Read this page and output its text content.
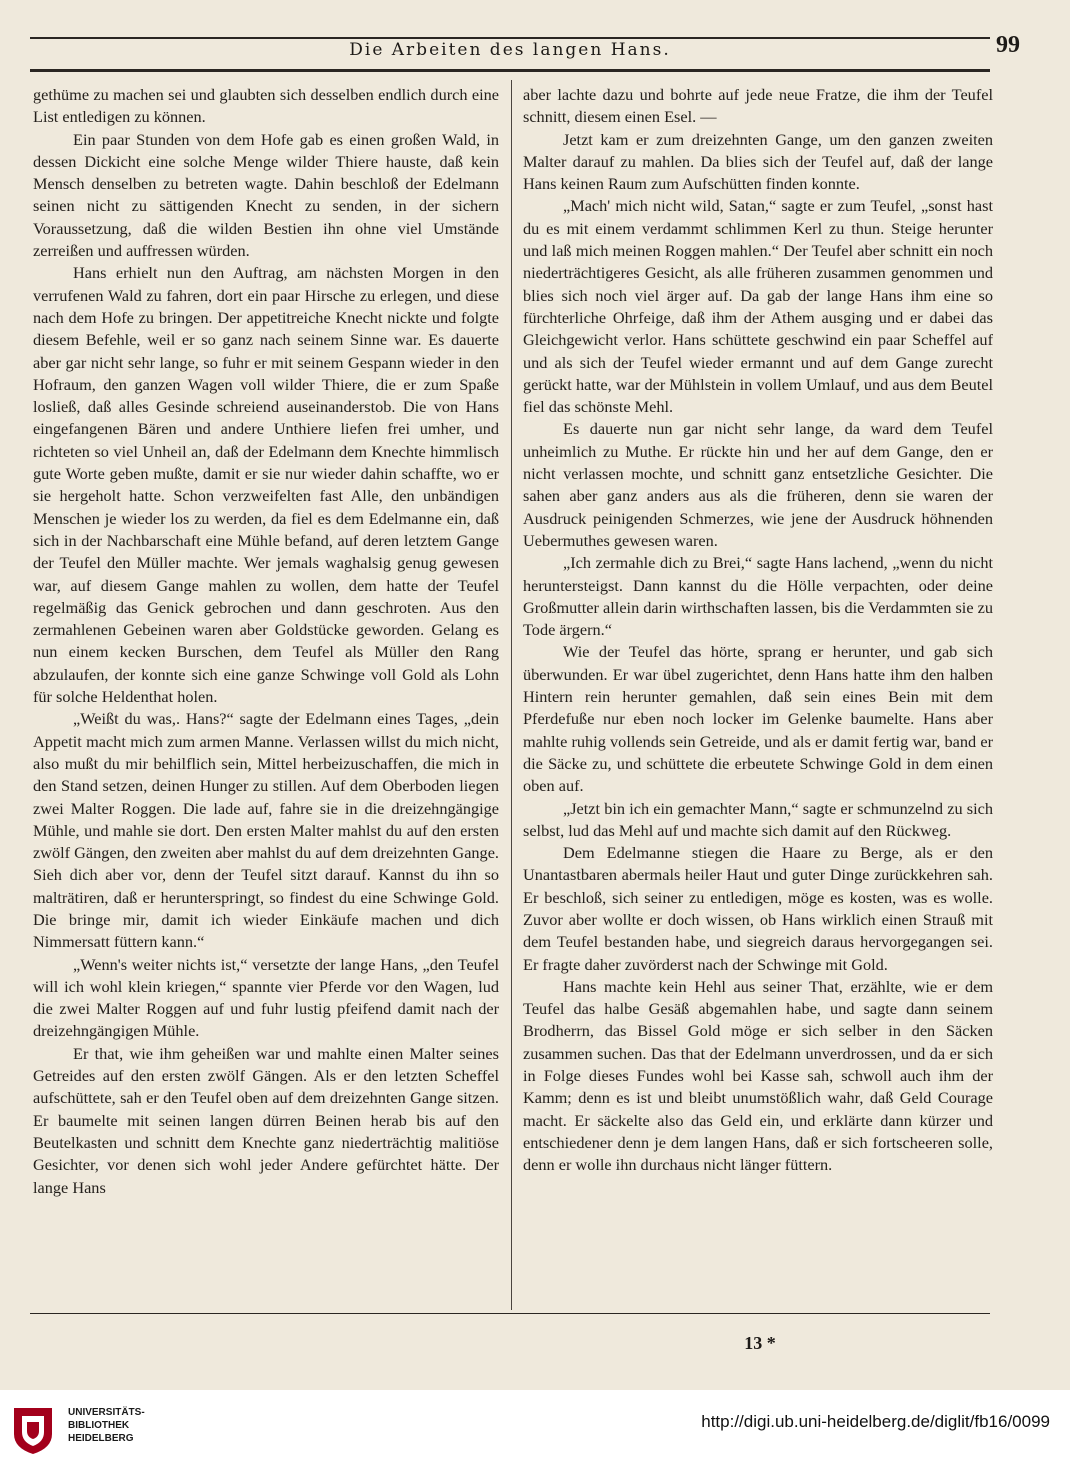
Die Arbeiten des langen Hans.	99

gethüme zu machen sei und glaubten sich desselben endlich durch eine List entledigen zu können.

Ein paar Stunden von dem Hofe gab es einen großen Wald, in dessen Dickicht eine solche Menge wilder Thiere hauste, daß kein Mensch denselben zu betreten wagte. Dahin beschloß der Edelmann seinen nicht zu sättigenden Knecht zu senden, in der sichern Voraussetzung, daß die wilden Bestien ihn ohne viel Umstände zerreißen und auffressen würden.

Hans erhielt nun den Auftrag, am nächsten Morgen in den verrufenen Wald zu fahren, dort ein paar Hirsche zu erlegen, und diese nach dem Hofe zu bringen. Der appetitreiche Knecht nickte und folgte diesem Befehle, weil er so ganz nach seinem Sinne war. Es dauerte aber gar nicht sehr lange, so fuhr er mit seinem Gespann wieder in den Hofraum, den ganzen Wagen voll wilder Thiere, die er zum Spaße losließ, daß alles Gesinde schreiend auseinanderstob. Die von Hans eingefangenen Bären und andere Unthiere liefen frei umher, und richteten so viel Unheil an, daß der Edelmann dem Knechte himmlisch gute Worte geben mußte, damit er sie nur wieder dahin schaffte, wo er sie hergeholt hatte. Schon verzweifelten fast Alle, den unbändigen Menschen je wieder los zu werden, da fiel es dem Edelmanne ein, daß sich in der Nachbarschaft eine Mühle befand, auf deren letztem Gange der Teufel den Müller machte. Wer jemals waghalsig genug gewesen war, auf diesem Gange mahlen zu wollen, dem hatte der Teufel regelmäßig das Genick gebrochen und dann geschroten. Aus den zermahlenen Gebeinen waren aber Goldstücke geworden. Gelang es nun einem kecken Burschen, dem Teufel als Müller den Rang abzulaufen, der konnte sich eine ganze Schwinge voll Gold als Lohn für solche Heldenthat holen.

„Weißt du was,. Hans?“ sagte der Edelmann eines Tages, „dein Appetit macht mich zum armen Manne. Verlassen willst du mich nicht, also mußt du mir behilflich sein, Mittel herbeizuschaffen, die mich in den Stand setzen, deinen Hunger zu stillen. Auf dem Oberboden liegen zwei Malter Roggen. Die lade auf, fahre sie in die dreizehngängige Mühle, und mahle sie dort. Den ersten Malter mahlst du auf den ersten zwölf Gängen, den zweiten aber mahlst du auf dem dreizehnten Gange. Sieh dich aber vor, denn der Teufel sitzt darauf. Kannst du ihn so malträtiren, daß er herunterspringt, so findest du eine Schwinge Gold. Die bringe mir, damit ich wieder Einkäufe machen und dich Nimmersatt füttern kann.“

„Wenn's weiter nichts ist,“ versetzte der lange Hans, „den Teufel will ich wohl klein kriegen,“ spannte vier Pferde vor den Wagen, lud die zwei Malter Roggen auf und fuhr lustig pfeifend damit nach der dreizehngängigen Mühle.

Er that, wie ihm geheißen war und mahlte einen Malter seines Getreides auf den ersten zwölf Gängen. Als er den letzten Scheffel aufschüttete, sah er den Teufel oben auf dem dreizehnten Gange sitzen. Er baumelte mit seinen langen dürren Beinen herab bis auf den Beutelkasten und schnitt dem Knechte ganz niederträchtig malitiöse Gesichter, vor denen sich wohl jeder Andere gefürchtet hätte. Der lange Hans

aber lachte dazu und bohrte auf jede neue Fratze, die ihm der Teufel schnitt, diesem einen Esel. —

Jetzt kam er zum dreizehnten Gange, um den ganzen zweiten Malter darauf zu mahlen. Da blies sich der Teufel auf, daß der lange Hans keinen Raum zum Aufschütten finden konnte.

„Mach' mich nicht wild, Satan,“ sagte er zum Teufel, „sonst hast du es mit einem verdammt schlimmen Kerl zu thun. Steige herunter und laß mich meinen Roggen mahlen.“ Der Teufel aber schnitt ein noch niederträchtigeres Gesicht, als alle früheren zusammen genommen und blies sich noch viel ärger auf. Da gab der lange Hans ihm eine so fürchterliche Ohrfeige, daß ihm der Athem ausging und er dabei das Gleichgewicht verlor. Hans schüttete geschwind ein paar Scheffel auf und als sich der Teufel wieder ermannt und auf dem Gange zurecht gerückt hatte, war der Mühlstein in vollem Umlauf, und aus dem Beutel fiel das schönste Mehl.

Es dauerte nun gar nicht sehr lange, da ward dem Teufel unheimlich zu Muthe. Er rückte hin und her auf dem Gange, den er nicht verlassen mochte, und schnitt ganz entsetzliche Gesichter. Die sahen aber ganz anders aus als die früheren, denn sie waren der Ausdruck peinigenden Schmerzes, wie jene der Ausdruck höhnenden Uebermuthes gewesen waren.

„Ich zermahle dich zu Brei,“ sagte Hans lachend, „wenn du nicht heruntersteigst. Dann kannst du die Hölle verpachten, oder deine Großmutter allein darin wirthschaften lassen, bis die Verdammten sie zu Tode ärgern.“

Wie der Teufel das hörte, sprang er herunter, und gab sich überwunden. Er war übel zugerichtet, denn Hans hatte ihm den halben Hintern rein herunter gemahlen, daß sein eines Bein mit dem Pferdefuße nur eben noch locker im Gelenke baumelte. Hans aber mahlte ruhig vollends sein Getreide, und als er damit fertig war, band er die Säcke zu, und schüttete die erbeutete Schwinge Gold in dem einen oben auf.

„Jetzt bin ich ein gemachter Mann,“ sagte er schmunzelnd zu sich selbst, lud das Mehl auf und machte sich damit auf den Rückweg.

Dem Edelmanne stiegen die Haare zu Berge, als er den Unantastbaren abermals heiler Haut und guter Dinge zurückkehren sah. Er beschloß, sich seiner zu entledigen, möge es kosten, was es wolle. Zuvor aber wollte er doch wissen, ob Hans wirklich einen Strauß mit dem Teufel bestanden habe, und siegreich daraus hervorgegangen sei. Er fragte daher zuvörderst nach der Schwinge mit Gold.

Hans machte kein Hehl aus seiner That, erzählte, wie er dem Teufel das halbe Gesäß abgemahlen habe, und sagte dann seinem Brodherrn, das Bissel Gold möge er sich selber in den Säcken zusammen suchen. Das that der Edelmann unverdrossen, und da er sich in Folge dieses Fundes wohl bei Kasse sah, schwoll auch ihm der Kamm; denn es ist und bleibt unumstößlich wahr, daß Geld Courage macht. Er säckelte also das Geld ein, und erklärte dann kürzer und entschiedener denn je dem langen Hans, daß er sich fortscheeren solle, denn er wolle ihn durchaus nicht länger füttern.

13 *
UNIVERSITÄTS-
BIBLIOTHEK
HEIDELBERG
http://digi.ub.uni-heidelberg.de/diglit/fb16/0099
